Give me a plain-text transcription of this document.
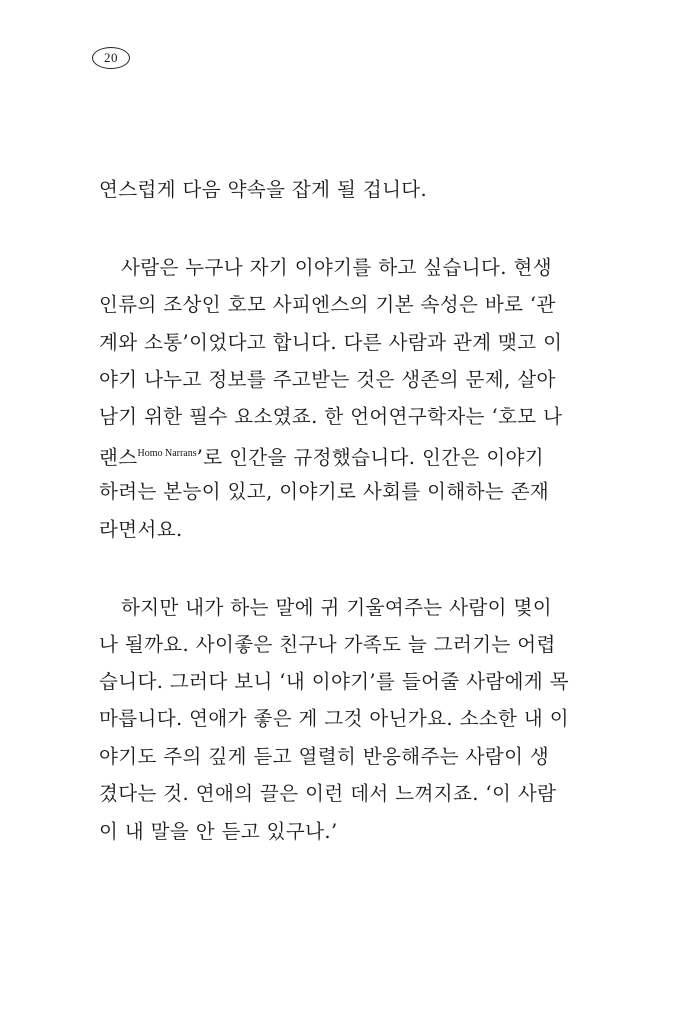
20
연스럽게 다음 약속을 잡게 될 겁니다.
사람은 누구나 자기 이야기를 하고 싶습니다. 현생
인류의 조상인 호모 사피엔스의 기본 속성은 바로 ‘관
계와 소통’이었다고 합니다. 다른 사람과 관계 맺고 이
야기 나누고 정보를 주고받는 것은 생존의 문제, 살아
남기 위한 필수 요소였죠. 한 언어연구학자는 ‘호모 나
랜스$^{Homo Narrans}$’로 인간을 규정했습니다. 인간은 이야기
하려는 본능이 있고, 이야기로 사회를 이해하는 존재
라면서요.
하지만 내가 하는 말에 귀 기울여주는 사람이 몇이
나 될까요. 사이좋은 친구나 가족도 늘 그러기는 어렵
습니다. 그러다 보니 ‘내 이야기’를 들어줄 사람에게 목
마릅니다. 연애가 좋은 게 그것 아닌가요. 소소한 내 이
야기도 주의 깊게 듣고 열렬히 반응해주는 사람이 생
겼다는 것. 연애의 끌은 이런 데서 느껴지죠. ‘이 사람
이 내 말을 안 듣고 있구나.’
